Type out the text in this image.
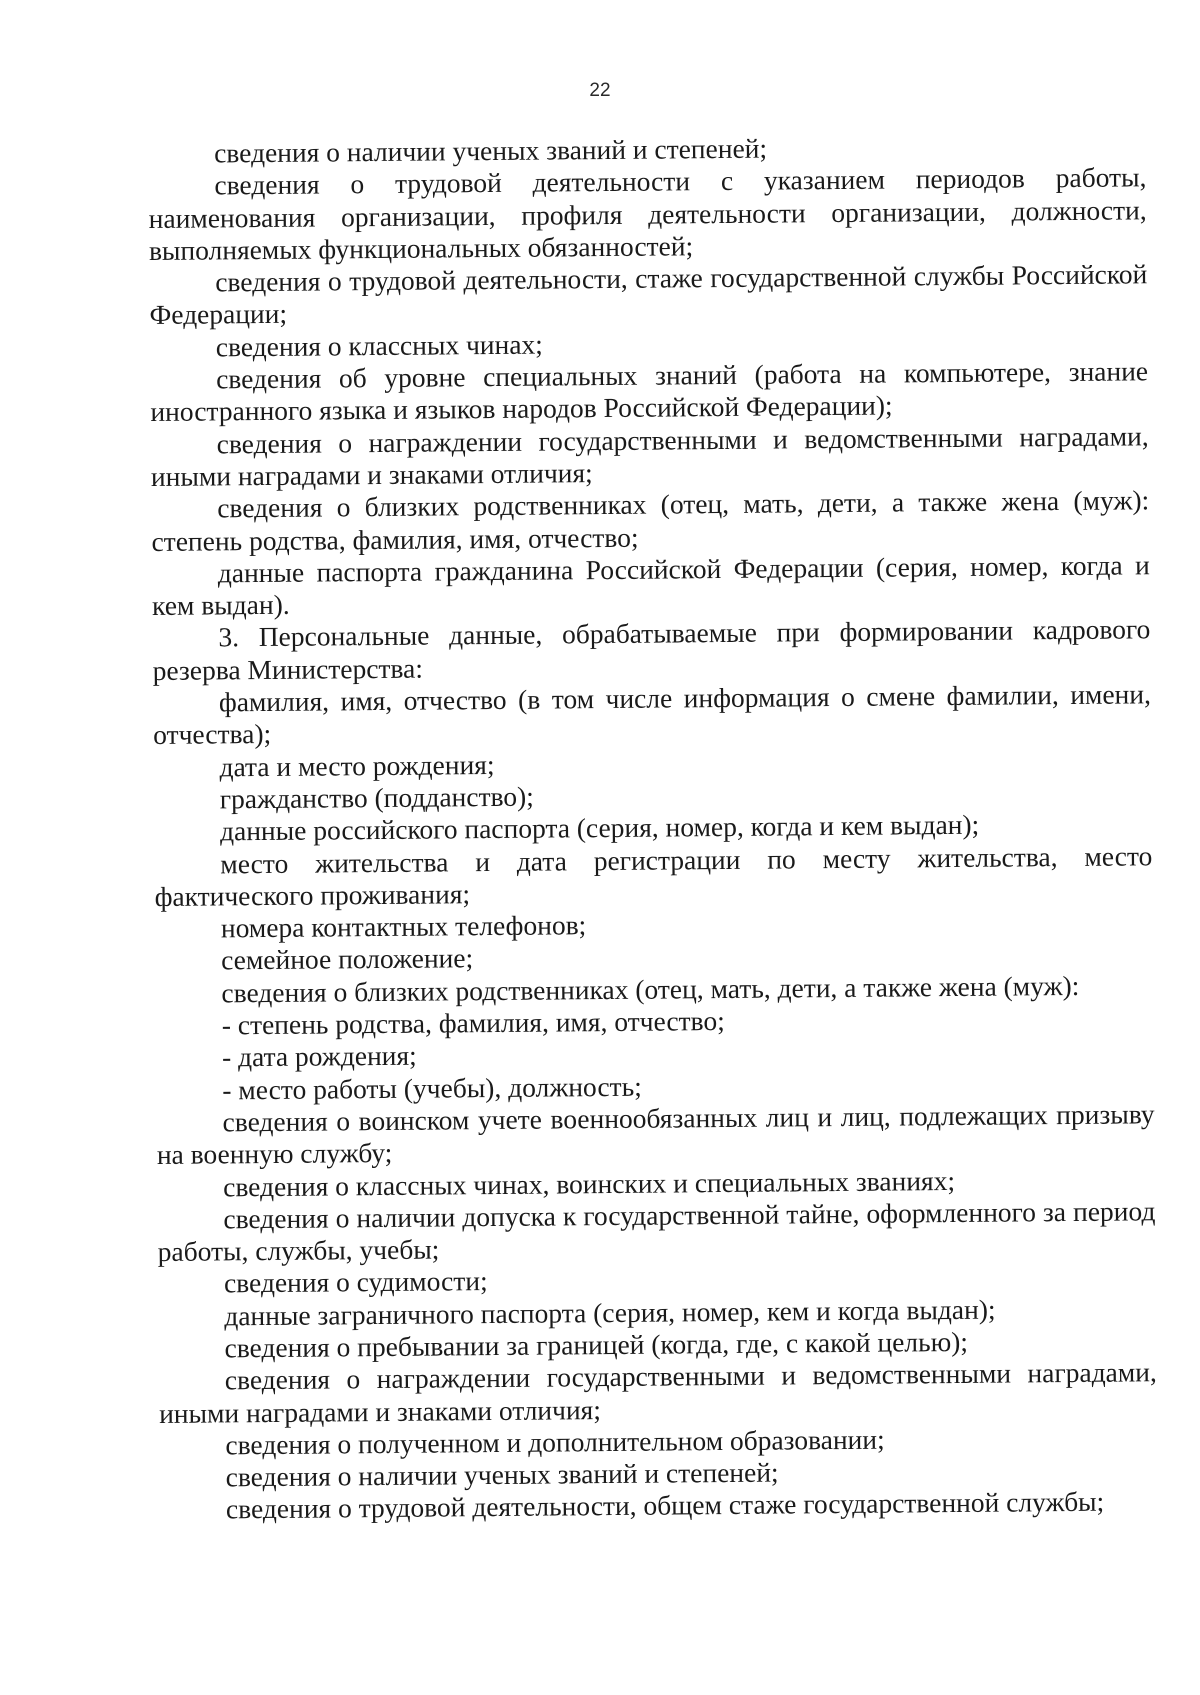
22

сведения о наличии ученых званий и степеней;

сведения о трудовой деятельности с указанием периодов работы, наименования организации, профиля деятельности организации, должности, выполняемых функциональных обязанностей;

сведения о трудовой деятельности, стаже государственной службы Российской Федерации;

сведения о классных чинах;

сведения об уровне специальных знаний (работа на компьютере, знание иностранного языка и языков народов Российской Федерации);

сведения о награждении государственными и ведомственными наградами, иными наградами и знаками отличия;

сведения о близких родственниках (отец, мать, дети, а также жена (муж): степень родства, фамилия, имя, отчество;

данные паспорта гражданина Российской Федерации (серия, номер, когда и кем выдан).

3. Персональные данные, обрабатываемые при формировании кадрового резерва Министерства:

фамилия, имя, отчество (в том числе информация о смене фамилии, имени, отчества);

дата и место рождения;

гражданство (подданство);

данные российского паспорта (серия, номер, когда и кем выдан);

место жительства и дата регистрации по месту жительства, место фактического проживания;

номера контактных телефонов;

семейное положение;

сведения о близких родственниках (отец, мать, дети, а также жена (муж):

- степень родства, фамилия, имя, отчество;

- дата рождения;

- место работы (учебы), должность;

сведения о воинском учете военнообязанных лиц и лиц, подлежащих призыву на военную службу;

сведения о классных чинах, воинских и специальных званиях;

сведения о наличии допуска к государственной тайне, оформленного за период работы, службы, учебы;

сведения о судимости;

данные заграничного паспорта (серия, номер, кем и когда выдан);

сведения о пребывании за границей (когда, где, с какой целью);

сведения о награждении государственными и ведомственными наградами, иными наградами и знаками отличия;

сведения о полученном и дополнительном образовании;

сведения о наличии ученых званий и степеней;

сведения о трудовой деятельности, общем стаже государственной службы;
